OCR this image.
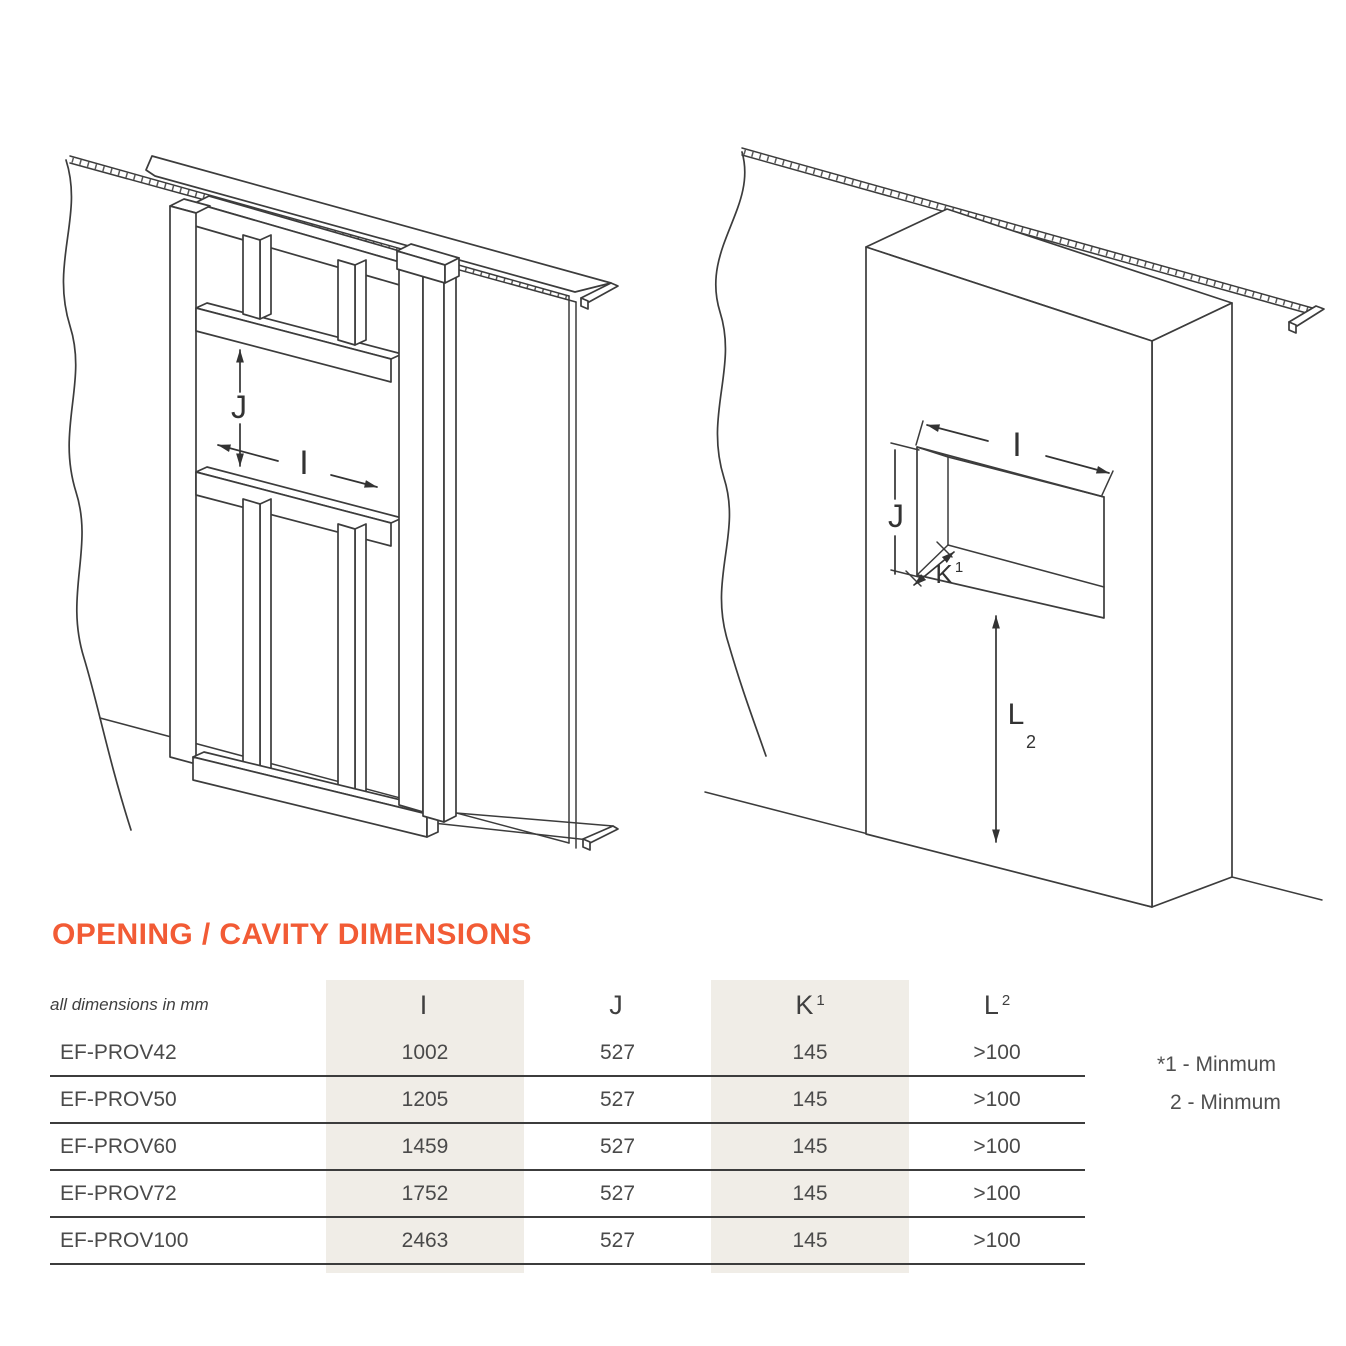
J
I	I
J
K 1
L
2
OPENING / CAVITY DIMENSIONS
all dimensions in mm	I	J	K $^1$	L $^2$
EF-PROV42	1002	527	145	>100
EF-PROV50	1205	527	145	>100
EF-PROV60	1459	527	145	>100
EF-PROV72	1752	527	145	>100
EF-PROV100	2463	527	145	>100
*1 - Minmum
2 - Minmum
